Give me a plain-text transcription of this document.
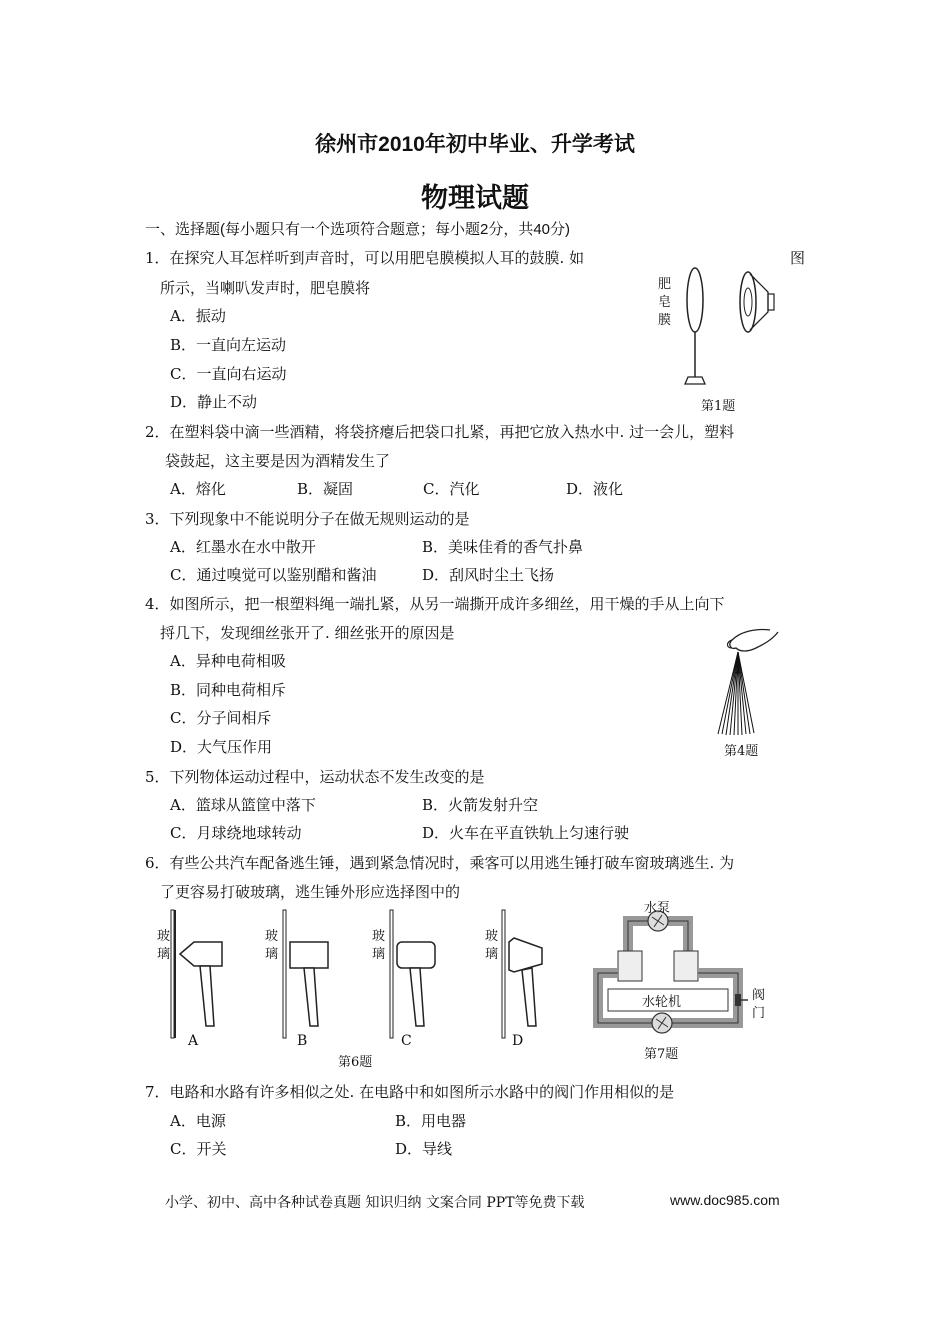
徐州市2010年初中毕业、升学考试
物理试题
一、选择题(每小题只有一个选项符合题意；每小题2分，共40分)
1．在探究人耳怎样听到声音时，可以用肥皂膜模拟人耳的鼓膜. 如	图
所示，当喇叭发声时，肥皂膜将
A．振动
B．一直向左运动
C．一直向右运动
D．静止不动
肥
皂
膜
第1题
2．在塑料袋中滴一些酒精，将袋挤瘪后把袋口扎紧，再把它放入热水中. 过一会儿，塑料
袋鼓起，这主要是因为酒精发生了
A．熔化	B．凝固	C．汽化	D．液化
3．下列现象中不能说明分子在做无规则运动的是
A．红墨水在水中散开	B．美味佳肴的香气扑鼻
C．通过嗅觉可以鉴别醋和酱油	D．刮风时尘土飞扬
4．如图所示，把一根塑料绳一端扎紧，从另一端撕开成许多细丝，用干燥的手从上向下
捋几下，发现细丝张开了. 细丝张开的原因是
A．异种电荷相吸
B．同种电荷相斥
C．分子间相斥
D．大气压作用	第4题
5．下列物体运动过程中，运动状态不发生改变的是
A．篮球从篮筐中落下	B．火箭发射升空
C．月球绕地球转动	D．火车在平直铁轨上匀速行驶
6．有些公共汽车配备逃生锤，遇到紧急情况时，乘客可以用逃生锤打破车窗玻璃逃生. 为
了更容易打破玻璃，逃生锤外形应选择图中的
玻
璃
玻
璃
玻
璃
玻
璃
A	B	C	D
第6题
水泵
水轮机	阀
门
第7题
7．电路和水路有许多相似之处. 在电路中和如图所示水路中的阀门作用相似的是
A．电源	B．用电器
C．开关	D．导线
小学、初中、高中各种试卷真题 知识归纳 文案合同 PPT等免费下载	www.doc985.com
